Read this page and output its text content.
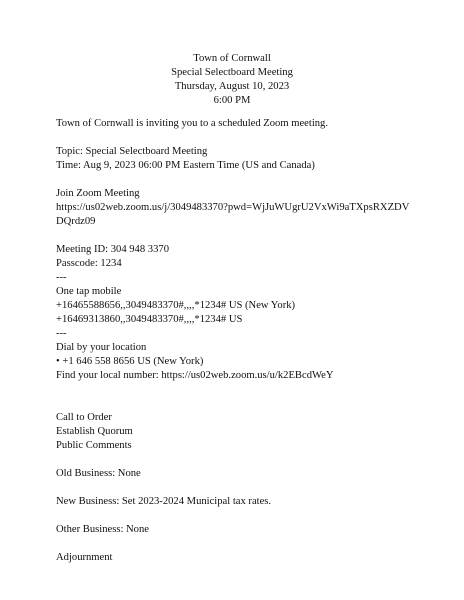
Town of Cornwall
Special Selectboard Meeting
Thursday, August 10, 2023
6:00 PM
Town of Cornwall is inviting you to a scheduled Zoom meeting.
Topic: Special Selectboard Meeting
Time: Aug 9, 2023 06:00 PM Eastern Time (US and Canada)
Join Zoom Meeting
https://us02web.zoom.us/j/3049483370?pwd=WjJuWUgrU2VxWi9aTXpsRXZDV
DQrdz09
Meeting ID: 304 948 3370
Passcode: 1234
---
One tap mobile
+16465588656,,3049483370#,,,,*1234# US (New York)
+16469313860,,3049483370#,,,,*1234# US
---
Dial by your location
• +1 646 558 8656 US (New York)
Find your local number: https://us02web.zoom.us/u/k2EBcdWeY
Call to Order
Establish Quorum
Public Comments
Old Business: None
New Business: Set 2023-2024 Municipal tax rates.
Other Business: None
Adjournment
